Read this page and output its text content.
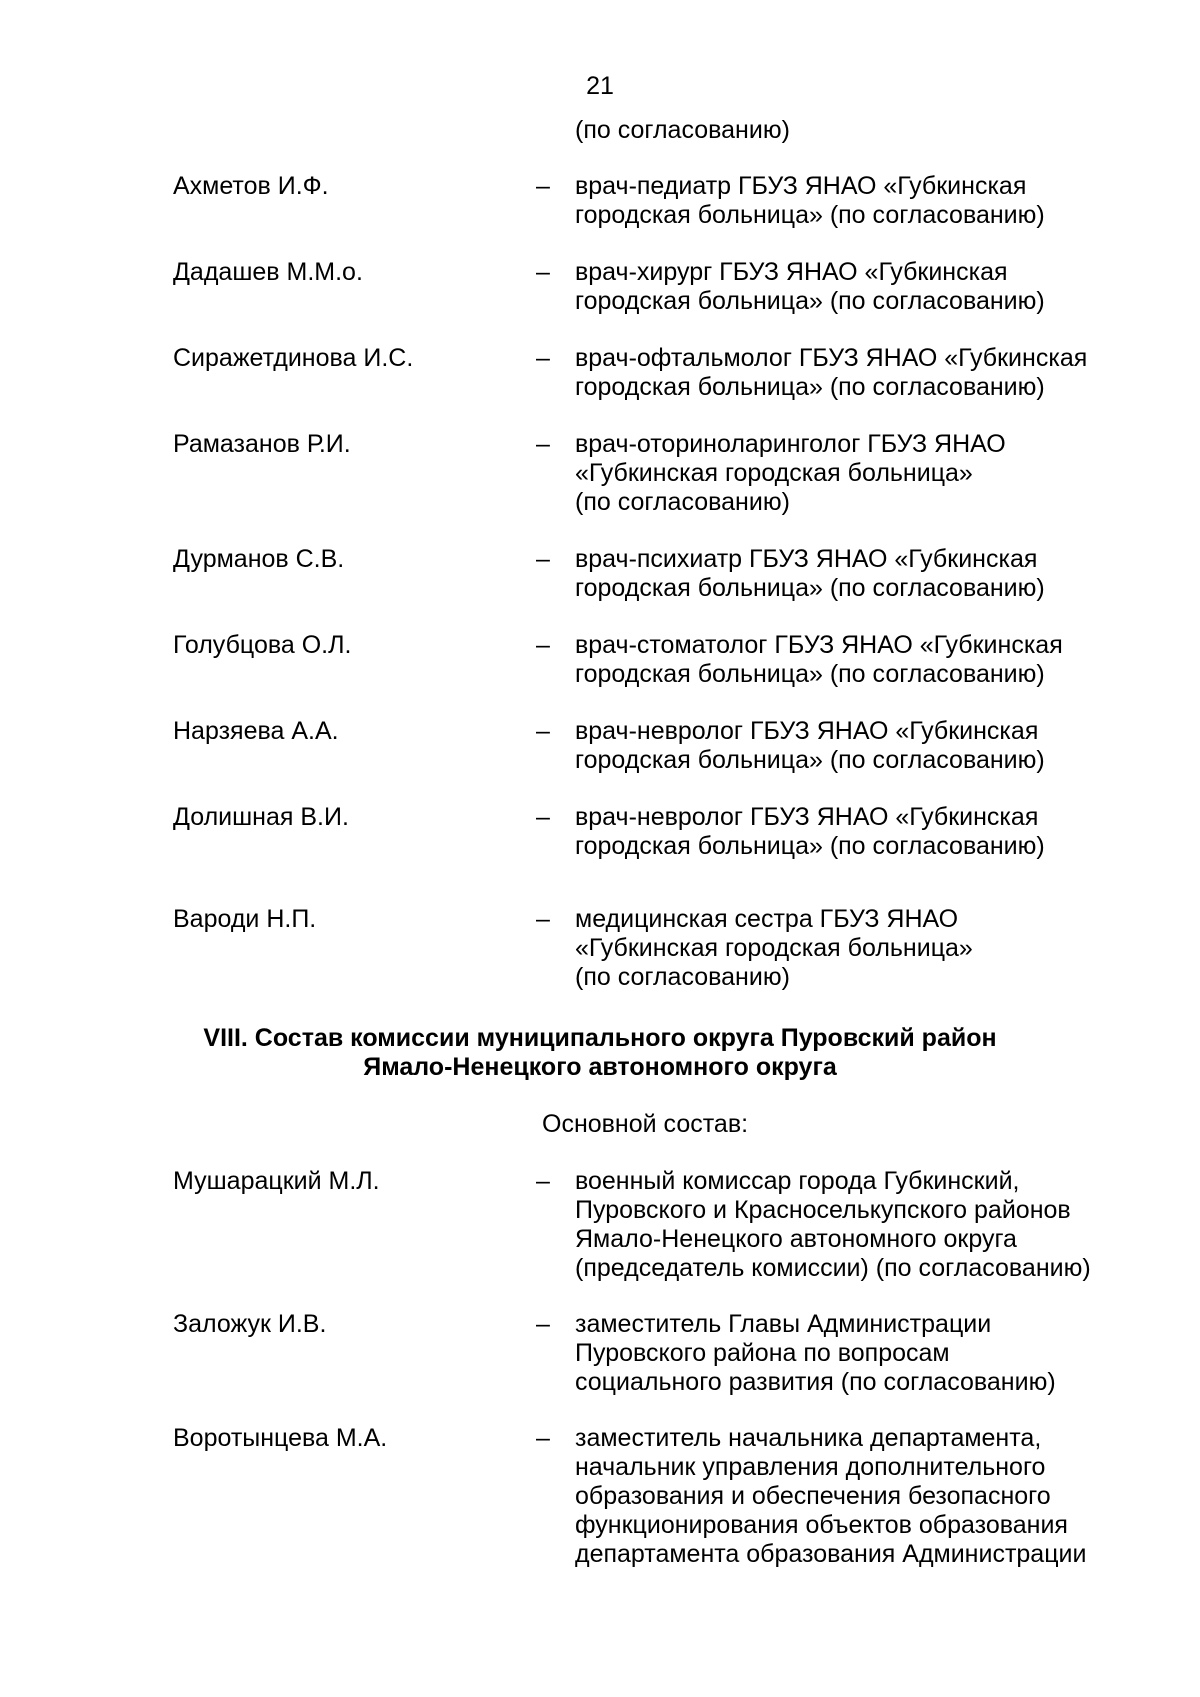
21
(по согласованию)
Ахметов И.Ф.	– врач-педиатр ГБУЗ ЯНАО «Губкинская
городская больница» (по согласованию)
Дадашев М.М.о.	– врач-хирург ГБУЗ ЯНАО «Губкинская
городская больница» (по согласованию)
Сиражетдинова И.С.	– врач-офтальмолог ГБУЗ ЯНАО «Губкинская
городская больница» (по согласованию)
Рамазанов Р.И.	– врач-оториноларинголог ГБУЗ ЯНАО
«Губкинская городская больница»
(по согласованию)
Дурманов С.В.	– врач-психиатр ГБУЗ ЯНАО «Губкинская
городская больница» (по согласованию)
Голубцова О.Л.	– врач-стоматолог ГБУЗ ЯНАО «Губкинская
городская больница» (по согласованию)
Нарзяева А.А.	– врач-невролог ГБУЗ ЯНАО «Губкинская
городская больница» (по согласованию)
Долишная В.И.	– врач-невролог ГБУЗ ЯНАО «Губкинская
городская больница» (по согласованию)
Вароди Н.П.	– медицинская сестра ГБУЗ ЯНАО
«Губкинская городская больница»
(по согласованию)
VIII. Состав комиссии муниципального округа Пуровский район
Ямало-Ненецкого автономного округа
Основной состав:
Мушарацкий М.Л.	– военный комиссар города Губкинский,
Пуровского и Красноселькупского районов
Ямало-Ненецкого автономного округа
(председатель комиссии) (по согласованию)
Заложук И.В.	– заместитель Главы Администрации
Пуровского района по вопросам
социального развития (по согласованию)
Воротынцева М.А.	– заместитель начальника департамента,
начальник управления дополнительного
образования и обеспечения безопасного
функционирования объектов образования
департамента образования Администрации
